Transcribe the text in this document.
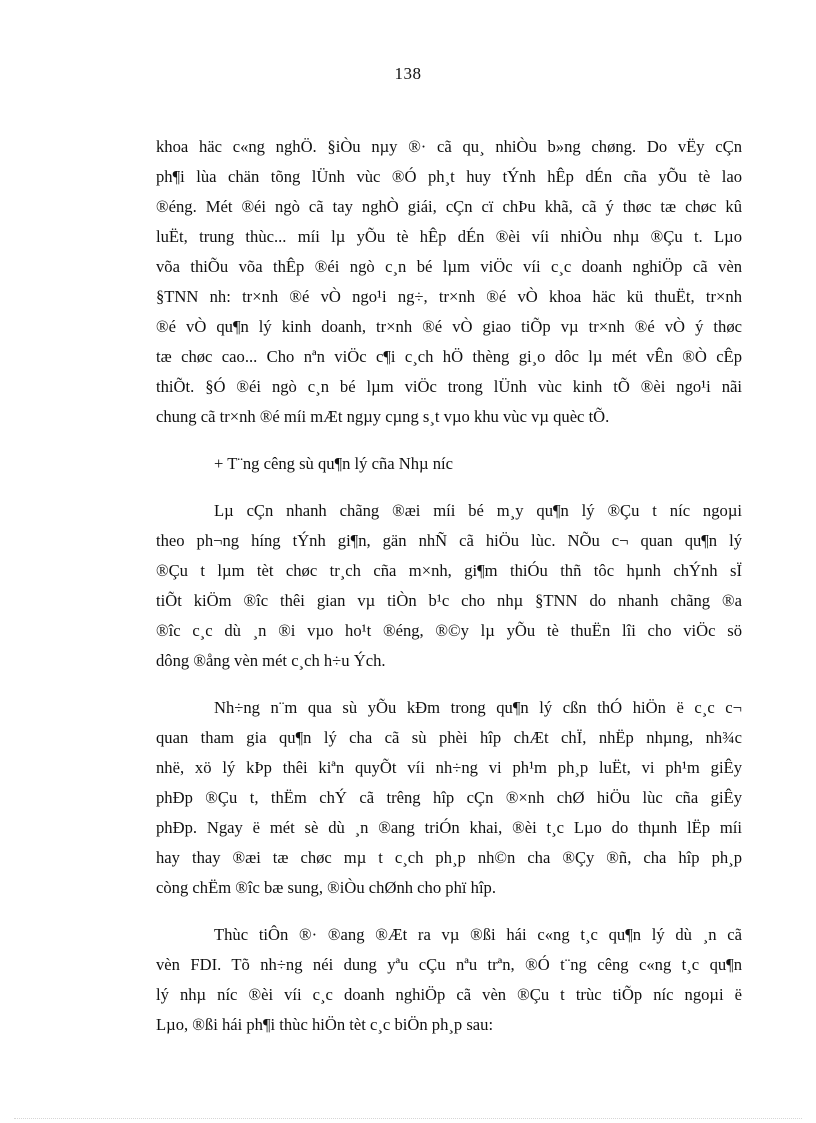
138
khoa häc c«ng nghÖ. §iÒu nµy ®· cã qu¸ nhiÒu b»ng chøng. Do vËy cÇn
ph¶i lùa chän tõng lÜnh vùc ®Ó ph¸t huy tÝnh hÊp dÉn cña yÕu tè lao
®éng. Mét ®éi ngò cã tay nghÒ giái, cÇn cï chÞu khã, cã ý thøc tæ chøc kû
luËt, trung thùc... míi lµ yÕu tè hÊp dÉn ®èi víi nhiÒu nhµ ®Çu t. Lµo
võa thiÕu võa thÊp ®éi ngò c¸n bé lµm viÖc víi c¸c doanh nghiÖp cã vèn
§TNN nh: tr×nh ®é vÒ ngo¹i ng÷, tr×nh ®é vÒ khoa häc kü thuËt, tr×nh
®é vÒ qu¶n lý kinh doanh, tr×nh ®é vÒ giao tiÕp vµ tr×nh ®é vÒ ý thøc
tæ chøc cao... Cho nªn viÖc c¶i c¸ch hÖ thèng gi¸o dôc lµ mét vÊn ®Ò cÊp
thiÕt. §Ó ®éi ngò c¸n bé lµm viÖc trong lÜnh vùc kinh tÕ ®èi ngo¹i nãi
chung cã tr×nh ®é míi mÆt ngµy cµng s¸t vµo khu vùc vµ quèc tÕ.
+ T¨ng cêng sù qu¶n lý cña Nhµ níc
Lµ cÇn nhanh chãng ®æi míi bé m¸y qu¶n lý ®Çu t níc ngoµi
theo ph¬ng híng tÝnh gi¶n, gän nhÑ cã hiÖu lùc. NÕu c¬ quan qu¶n lý
®Çu t lµm tèt chøc tr¸ch cña m×nh, gi¶m thiÓu thñ tôc hµnh chÝnh sÏ
tiÕt kiÖm ®îc thêi gian vµ tiÒn b¹c cho nhµ §TNN do nhanh chãng ®a
®îc c¸c dù ¸n ®i vµo ho¹t ®éng, ®©y lµ yÕu tè thuËn lîi cho viÖc sö
dông ®ång vèn mét c¸ch h÷u Ých.
Nh÷ng n¨m qua sù yÕu kÐm trong qu¶n lý cßn thÓ hiÖn ë c¸c c¬
quan tham gia qu¶n lý cha cã sù phèi hîp chÆt chÏ, nhËp nhµng, nh¾c
nhë, xö lý kÞp thêi kiªn quyÕt víi nh÷ng vi ph¹m ph¸p luËt, vi ph¹m giÊy
phÐp ®Çu t, thËm chÝ cã trêng hîp cÇn ®×nh chØ hiÖu lùc cña giÊy
phÐp. Ngay ë mét sè dù ¸n ®ang triÓn khai, ®èi t¸c Lµo do thµnh lËp míi
hay thay ®æi tæ chøc mµ t c¸ch ph¸p nh©n cha ®Çy ®ñ, cha hîp ph¸p
còng chËm ®îc bæ sung, ®iÒu chØnh cho phï hîp.
Thùc tiÔn ®· ®ang ®Æt ra vµ ®ßi hái c«ng t¸c qu¶n lý dù ¸n cã
vèn FDI. Tõ nh÷ng néi dung yªu cÇu nªu trªn, ®Ó t¨ng cêng c«ng t¸c qu¶n
lý nhµ níc ®èi víi c¸c doanh nghiÖp cã vèn ®Çu t trùc tiÕp níc ngoµi ë
Lµo, ®ßi hái ph¶i thùc hiÖn tèt c¸c biÖn ph¸p sau:
